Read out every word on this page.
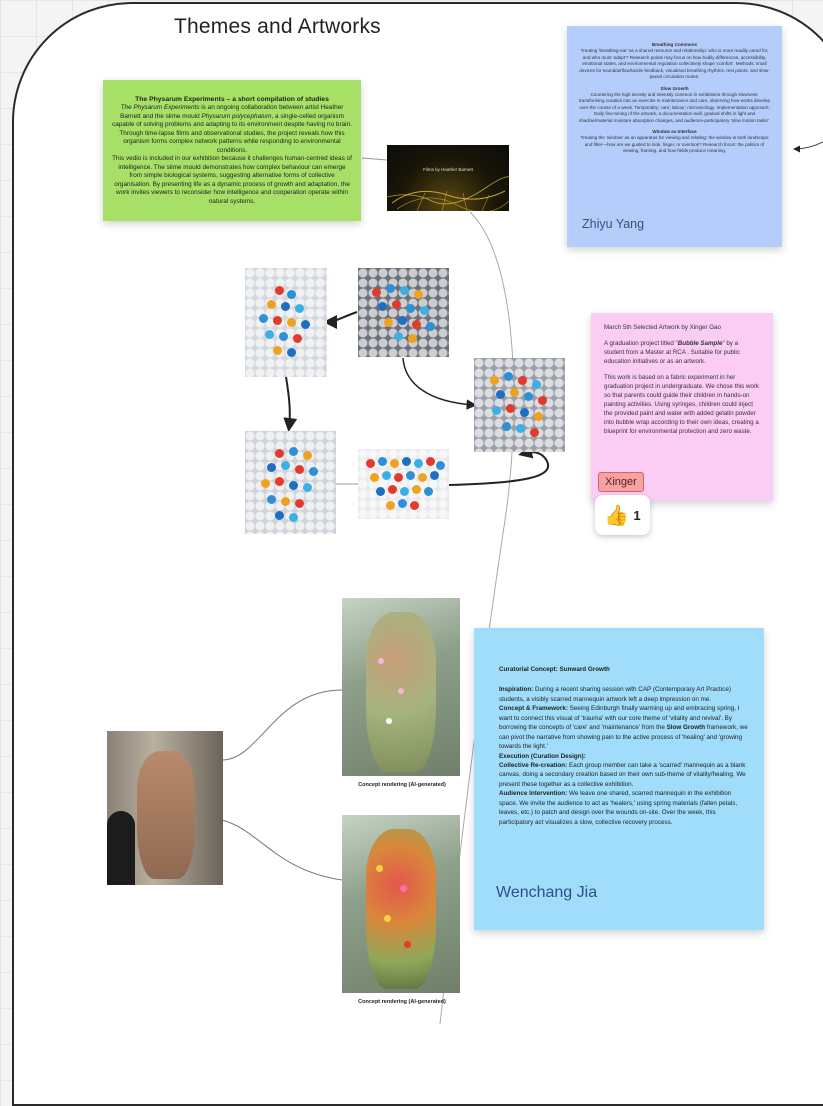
Themes and Artworks
The Physarum Experiments – a short compilation of studies
The Physarum Experiments is an ongoing collaboration between artist Heather Barnett and the slime mould Physarum polycephalum, a single-celled organism capable of solving problems and adapting to its environment despite having no brain. Through time-lapse films and observational studies, the project reveals how this organism forms complex network patterns while responding to environmental conditions.
This vedio is included in our exhibition because it challenges human-centred ideas of intelligence. The slime mould demonstrates how complex behaviour can emerge from simple biological systems, suggesting alternative forms of collective organisation. By presenting life as a dynamic process of growth and adaptation, the work invites viewers to reconsider how intelligence and cooperation operate within natural systems.
Films by Heather Barnett
Breathing Commons
Treating 'breathing-ear' as a shared resource and relationship: who is more readily cared for, and who must 'adapt'? Research points may focus on how bodily differences, accessibility, emotional states, and environmental regulation collectively shape 'comfort'. Methods: small devices for sound/airflow/tactile feedback, visualised breathing rhythms, rest points, and slow-paced circulation routes.
Slow Growth
Countering the high density and intensity common in exhibitions through slowness: transforming curation into an exercise in maintenance and care, observing how works develop over the course of a week. Temporality; care; labour; microecology. Implementation approach: Daily fine-tuning of the artwork, a documentation wall, gradual shifts in light and shadow/material moisture absorption changes, and audience-participatory 'slow motion tasks'.
Window as Interface
Treating the 'window' as an apparatus for viewing and relating: the window is both landscape and filter—how are we guided to look, linger, or overlook? Research focus: the politics of viewing, framing, and how fields produce meaning.
Zhiyu Yang

March 5th Selected Artwork by Xinger Gao

A graduation project titled "Bubble Sample" by a student from a Master at RCA . Suitable for public education initiatives or as an artwork.

This work is based on a fabric experiment in her graduation project in undergraduate. We chose this work so that parents could guide their children in hands-on painting activities. Using syringes, children could inject the provided paint and water with added gelatin powder into bubble wrap according to their own ideas, creating a blueprint for environmental protection and zero waste.

Xinger
👍 1
Concept rendering (AI-generated)
Concept rendering (AI-generated)

Curatorial Concept: Sunward Growth

Inspiration: During a recent sharing session with CAP (Contemporary Art Practice) students, a visibly scarred mannequin artwork left a deep impression on me.

Concept & Framework: Seeing Edinburgh finally warming up and embracing spring, I want to connect this visual of 'trauma' with our core theme of 'vitality and revival'. By borrowing the concepts of 'care' and 'maintenance' from the Slow Growth framework, we can pivot the narrative from showing pain to the active process of 'healing' and 'growing towards the light.'

Execution (Curation Design):

Collective Re-creation: Each group member can take a 'scarred' mannequin as a blank canvas, doing a secondary creation based on their own sub-theme of vitality/healing. We present these together as a collective exhibition.

Audience Intervention: We leave one shared, scarred mannequin in the exhibition space. We invite the audience to act as 'healers,' using spring materials (fallen petals, leaves, etc.) to patch and design over the wounds on-site. Over the week, this participatory act visualizes a slow, collective recovery process.

Wenchang Jia
